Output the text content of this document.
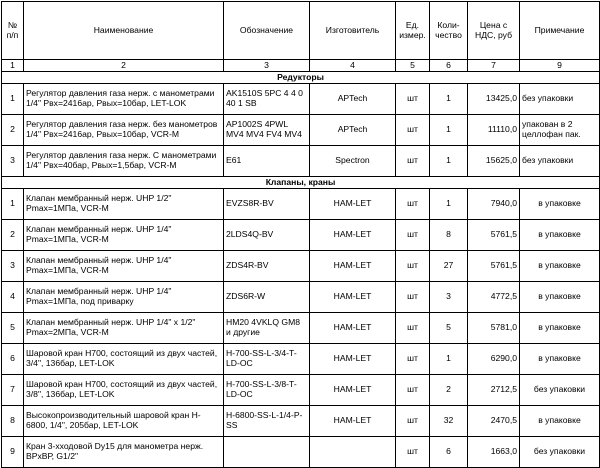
№ п/п	Наименование	Обозначение	Изготовитель	Ед. измер.	Коли-чество	Цена с НДС, руб	Примечание
1	2	3	4	5	6	7	9
Редукторы							
1	Регулятор давления газа нерж. с манометрами 1/4" Рвх=2416ар, Рвых=10бар, LET-LOK	AK1510S 5PC 4 4 0 40 1 SB	APTech	шт	1	13425,0	без упаковки
2	Регулятор давления газа нерж. без манометров 1/4" Рвх=2416ар, Рвых=10бар, VCR-M	AP1002S 4PWL MV4 MV4 FV4 MV4	APTech	шт	1	11110,0	упакован в 2 целлофан пак.
3	Регулятор давления газа нерж. С манометрами 1/4" Рвх=40бар, Рвых=1,5бар, VCR-M	E61	Spectron	шт	1	15625,0	без упаковки
Клапаны, краны							
1	Клапан мембранный нерж. UHP 1/2" Pmax=1МПа, VCR-M	EVZS8R-BV	HAM-LET	шт	1	7940,0	в упаковке
2	Клапан мембранный нерж. UHP 1/4" Pmax=1МПа, VCR-M	2LDS4Q-BV	HAM-LET	шт	8	5761,5	в упаковке
3	Клапан мембранный нерж. UHP 1/4" Pmax=1МПа, VCR-M	ZDS4R-BV	HAM-LET	шт	27	5761,5	в упаковке
4	Клапан мембранный нерж. UHP 1/4" Pmax=1МПа, под приварку	ZDS6R-W	HAM-LET	шт	3	4772,5	в упаковке
5	Клапан мембранный нерж. UHP 1/4" x 1/2" Pmax=2МПа, VCR-M	HM20 4VKLQ GM8 и другие	HAM-LET	шт	5	5781,0	в упаковке
6	Шаровой кран H700, состоящий из двух частей, 3/4", 136бар, LET-LOK	H-700-SS-L-3/4-T-LD-OC	HAM-LET	шт	1	6290,0	в упаковке
7	Шаровой кран H700, состоящий из двух частей, 3/8", 136бар, LET-LOK	H-700-SS-L-3/8-T-LD-OC	HAM-LET	шт	2	2712,5	без упаковки
8	Высокопроизводительный шаровой кран H-6800, 1/4", 205бар, LET-LOK	H-6800-SS-L-1/4-P-SS	HAM-LET	шт	32	2470,5	в упаковке
9	Кран 3-хходовой Dy15 для манометра нерж. ВРхВР, G1/2"			шт	6	1663,0	без упаковки
